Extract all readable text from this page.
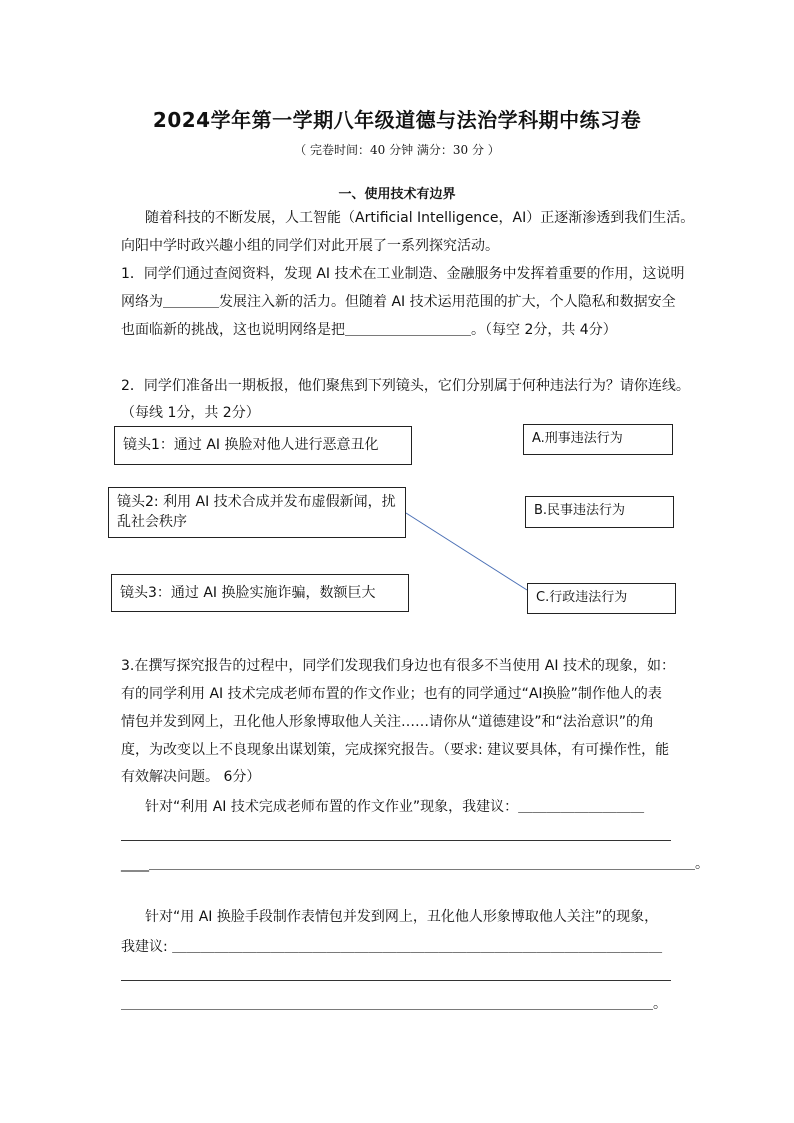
2024学年第一学期八年级道德与法治学科期中练习卷
（ 完卷时间：40 分钟 满分：30 分 ）
一、使用技术有边界
随着科技的不断发展，人工智能（Artificial Intelligence，AI）正逐渐渗透到我们生活。
向阳中学时政兴趣小组的同学们对此开展了一系列探究活动。
1．同学们通过查阅资料，发现 AI 技术在工业制造、金融服务中发挥着重要的作用，这说明
网络为＿＿＿＿发展注入新的活力。但随着 AI 技术运用范围的扩大，个人隐私和数据安全
也面临新的挑战，这也说明网络是把＿＿＿＿＿＿＿＿＿。（每空 2分，共 4分）
2．同学们准备出一期板报，他们聚焦到下列镜头，它们分别属于何种违法行为？请你连线。
（每线 1分，共 2分）
镜头1：通过 AI 换脸对他人进行恶意丑化
镜头2: 利用 AI 技术合成并发布虚假新闻，扰乱社会秩序
镜头3：通过 AI 换脸实施诈骗，数额巨大
A.刑事违法行为
B.民事违法行为
C.行政违法行为
3.在撰写探究报告的过程中，同学们发现我们身边也有很多不当使用 AI 技术的现象，如：
有的同学利用 AI 技术完成老师布置的作文作业；也有的同学通过“AI换脸”制作他人的表
情包并发到网上，丑化他人形象博取他人关注……请你从“道德建设”和“法治意识”的角
度，为改变以上不良现象出谋划策，完成探究报告。（要求: 建议要具体，有可操作性，能
有效解决问题。 6分）
针对“利用 AI 技术完成老师布置的作文作业”现象，我建议：＿＿＿＿＿＿＿＿＿
____＿＿＿＿＿＿＿＿＿＿＿＿＿＿＿＿＿＿＿＿＿＿＿＿＿＿＿＿＿＿＿＿＿＿＿＿＿＿＿。
针对“用 AI 换脸手段制作表情包并发到网上，丑化他人形象博取他人关注”的现象，
我建议: ＿＿＿＿＿＿＿＿＿＿＿＿＿＿＿＿＿＿＿＿＿＿＿＿＿＿＿＿＿＿＿＿＿＿＿
＿＿＿＿＿＿＿＿＿＿＿＿＿＿＿＿＿＿＿＿＿＿＿＿＿＿＿＿＿＿＿＿＿＿＿＿＿＿。
